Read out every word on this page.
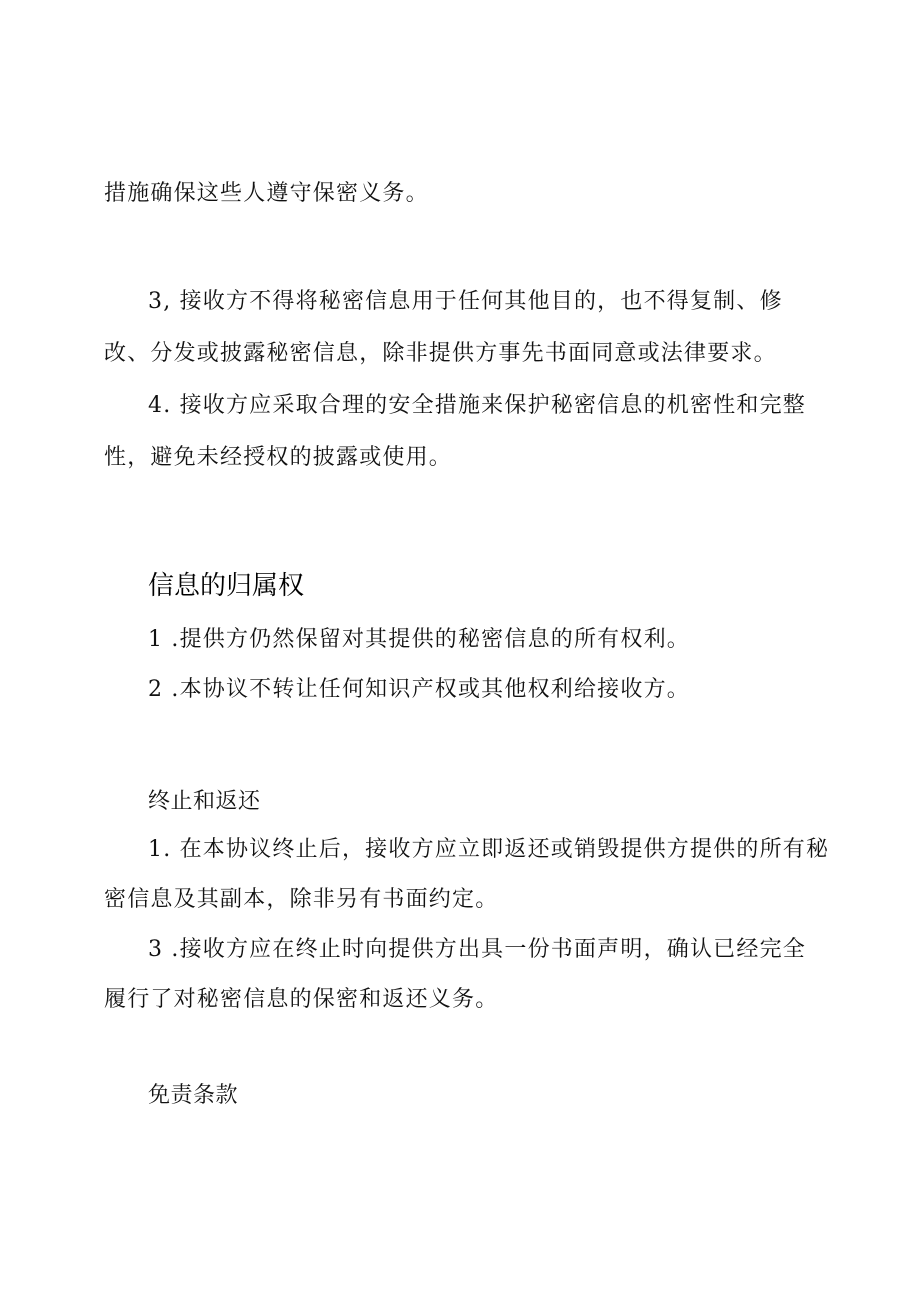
措施确保这些人遵守保密义务。
3, 接收方不得将秘密信息用于任何其他目的，也不得复制、修
改、分发或披露秘密信息，除非提供方事先书面同意或法律要求。
4. 接收方应采取合理的安全措施来保护秘密信息的机密性和完整
性，避免未经授权的披露或使用。
信息的归属权
1 .提供方仍然保留对其提供的秘密信息的所有权利。
2 .本协议不转让任何知识产权或其他权利给接收方。
终止和返还
1. 在本协议终止后，接收方应立即返还或销毁提供方提供的所有秘
密信息及其副本，除非另有书面约定。
3 .接收方应在终止时向提供方出具一份书面声明，确认已经完全
履行了对秘密信息的保密和返还义务。
免责条款
